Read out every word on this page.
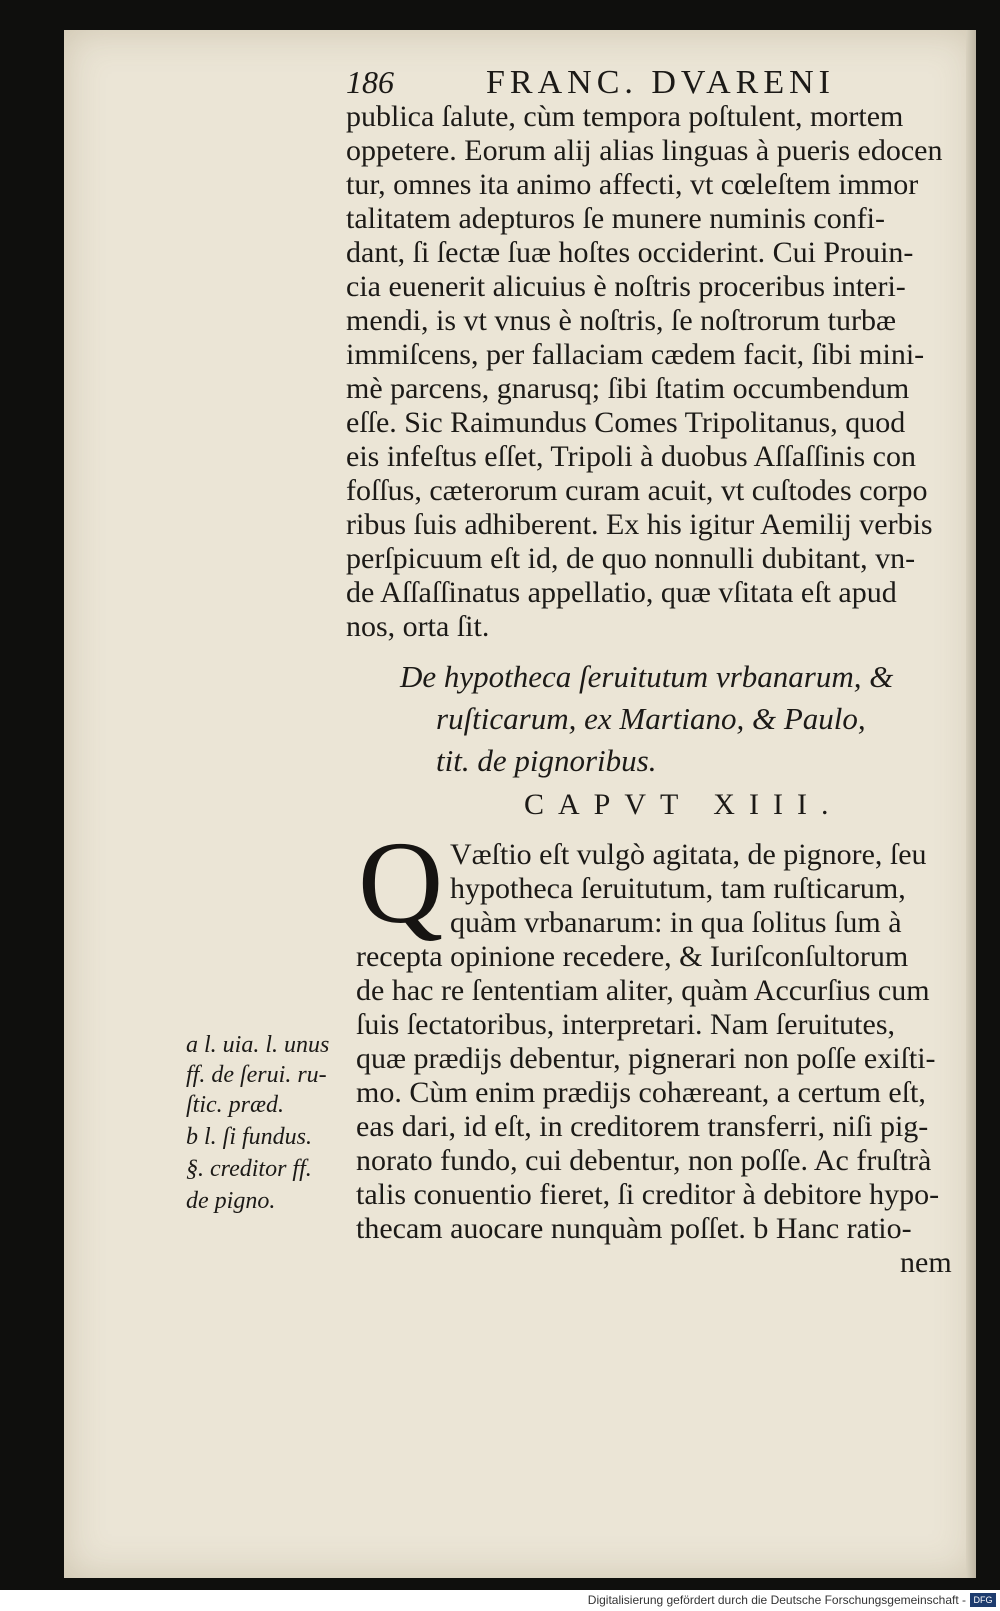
186	FRANC. DVARENI
publica ſalute, cùm tempora poſtulent, mortem
oppetere. Eorum alij alias linguas à pueris edocen
tur, omnes ita animo affecti, vt cœleſtem immor
talitatem adepturos ſe munere numinis confi-
dant, ſi ſectæ ſuæ hoſtes occiderint. Cui Prouin-
cia euenerit alicuius è noſtris proceribus interi-
mendi, is vt vnus è noſtris, ſe noſtrorum turbæ
immiſcens, per fallaciam cædem facit, ſibi mini-
mè parcens, gnarusq; ſibi ſtatim occumbendum
eſſe. Sic Raimundus Comes Tripolitanus, quod
eis infeſtus eſſet, Tripoli à duobus Aſſaſſinis con
foſſus, cæterorum curam acuit, vt cuſtodes corpo
ribus ſuis adhiberent. Ex his igitur Aemilij verbis
perſpicuum eſt id, de quo nonnulli dubitant, vn-
de Aſſaſſinatus appellatio, quæ vſitata eſt apud
nos, orta ſit.
De hypotheca ſeruitutum vrbanarum, &
ruſticarum, ex Martiano, & Paulo,
tit. de pignoribus.
CAPVT XIII.
Q Væſtio eſt vulgò agitata, de pignore, ſeu
hypotheca ſeruitutum, tam ruſticarum,
quàm vrbanarum: in qua ſolitus ſum à
recepta opinione recedere, & Iuriſconſultorum
de hac re ſententiam aliter, quàm Accurſius cum
ſuis ſectatoribus, interpretari. Nam ſeruitutes,
quæ prædijs debentur, pignerari non poſſe exiſti-
mo. Cùm enim prædijs cohæreant, a certum eſt,
eas dari, id eſt, in creditorem transferri, niſi pig-
norato fundo, cui debentur, non poſſe. Ac fruſtrà
talis conuentio fieret, ſi creditor à debitore hypo-
thecam auocare nunquàm poſſet. b Hanc ratio-
nem
a l. uia. l. unus
ff. de ſerui. ru-
ſtic. præd.
b l. ſi fundus.
§. creditor ff.
de pigno.
Digitalisierung gefördert durch die Deutsche Forschungsgemeinschaft - DFG
